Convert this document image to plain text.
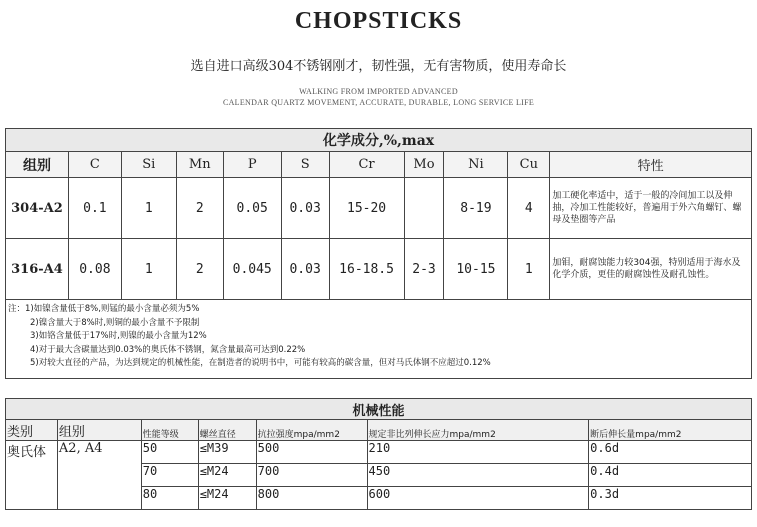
CHOPSTICKS
选自进口高级304不锈钢刚才，韧性强，无有害物质，使用寿命长
WALKING FROM IMPORTED ADVANCED
CALENDAR QUARTZ MOVEMENT, ACCURATE, DURABLE, LONG SERVICE LIFE
化学成分,%,max										
组别	C	Si	Mn	P	S	Cr	Mo	Ni	Cu	特性
304-A2	0.1	1	2	0.05	0.03	15-20		8-19	4	加工硬化率适中，适于一般的冷间加工以及伸抽，冷加工性能较好，普遍用于外六角螺钉、螺母及垫圈等产品
316-A4	0.08	1	2	0.045	0.03	16-18.5	2-3	10-15	1	加钼，耐腐蚀能力较304强，特别适用于海水及化学介质，更佳的耐腐蚀性及耐孔蚀性。

注：1)如镍含量低于8%,则锰的最小含量必须为5%
2)镍含量大于8%时,则铜的最小含量不予限制
3)如铬含量低于17%时,则镍的最小含量为12%
4)对于最大含碳量达到0.03%的奥氏体不锈钢，氮含量最高可达到0.22%
5)对较大直径的产品，为达到规定的机械性能，在制造者的说明书中，可能有较高的碳含量，但对马氏体钢不应超过0.12%										
机械性能						
类别	组别	性能等级	螺丝直径	抗拉强度mpa/mm2	规定非比列伸长应力mpa/mm2	断后伸长量mpa/mm2
奥氏体	A2, A4	50	≤M39	500	210	0.6d
		70	≤M24	700	450	0.4d
		80	≤M24	800	600	0.3d
